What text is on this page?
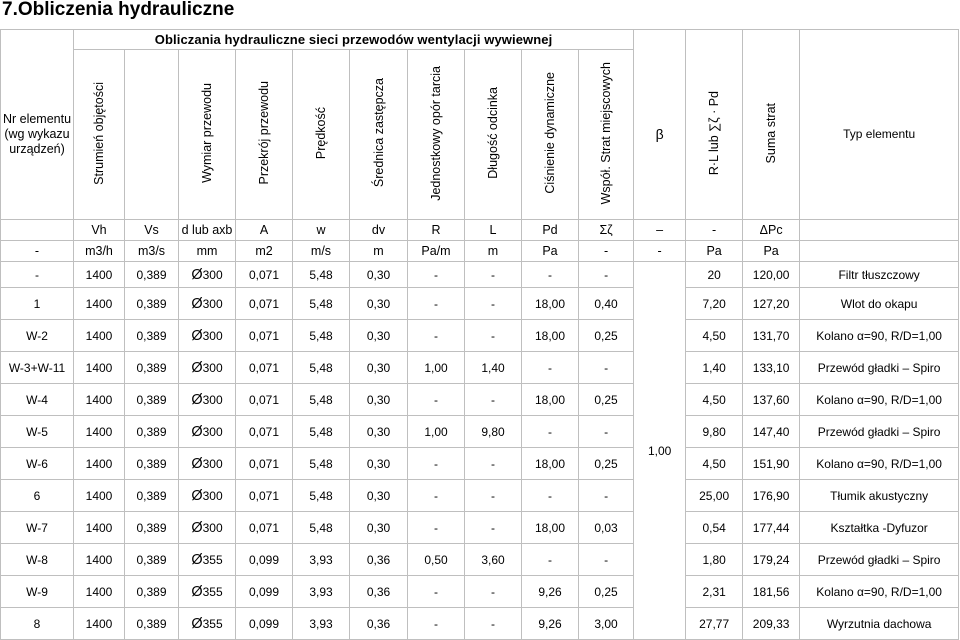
7.Obliczenia hydrauliczne
	Obliczania hydrauliczne sieci przewodów wentylacji wywiewnej													
Nr elementu (wg wykazu urządzeń)	Strumień objętości		Wymiar przewodu	Przekrój przewodu	Prędkość	Średnica zastępcza	Jednostkowy opór tarcia	Długość odcinka	Ciśnienie dynamiczne	Współ. Strat miejscowych	β	R·L lub ∑ζ · Pd	Suma strat	Typ elementu
	Vh	Vs	d lub axb	A	w	dv	R	L	Pd	Σζ	–	-	ΔPc	
-	m3/h	m3/s	mm	m2	m/s	m	Pa/m	m	Pa	-	-	Pa	Pa	
-	1400	0,389	Ø300	0,071	5,48	0,30	-	-	-	-	1,00	20	120,00	Filtr tłuszczowy
1	1400	0,389	Ø300	0,071	5,48	0,30	-	-	18,00	0,40		7,20	127,20	Wlot do okapu
W-2	1400	0,389	Ø300	0,071	5,48	0,30	-	-	18,00	0,25		4,50	131,70	Kolano α=90, R/D=1,00
W-3+W-11	1400	0,389	Ø300	0,071	5,48	0,30	1,00	1,40	-	-		1,40	133,10	Przewód gładki – Spiro
W-4	1400	0,389	Ø300	0,071	5,48	0,30	-	-	18,00	0,25		4,50	137,60	Kolano α=90, R/D=1,00
W-5	1400	0,389	Ø300	0,071	5,48	0,30	1,00	9,80	-	-		9,80	147,40	Przewód gładki – Spiro
W-6	1400	0,389	Ø300	0,071	5,48	0,30	-	-	18,00	0,25		4,50	151,90	Kolano α=90, R/D=1,00
6	1400	0,389	Ø300	0,071	5,48	0,30	-	-	-	-		25,00	176,90	Tłumik akustyczny
W-7	1400	0,389	Ø300	0,071	5,48	0,30	-	-	18,00	0,03		0,54	177,44	Kształtka -Dyfuzor
W-8	1400	0,389	Ø355	0,099	3,93	0,36	0,50	3,60	-	-		1,80	179,24	Przewód gładki – Spiro
W-9	1400	0,389	Ø355	0,099	3,93	0,36	-	-	9,26	0,25		2,31	181,56	Kolano α=90, R/D=1,00
8	1400	0,389	Ø355	0,099	3,93	0,36	-	-	9,26	3,00		27,77	209,33	Wyrzutnia dachowa
